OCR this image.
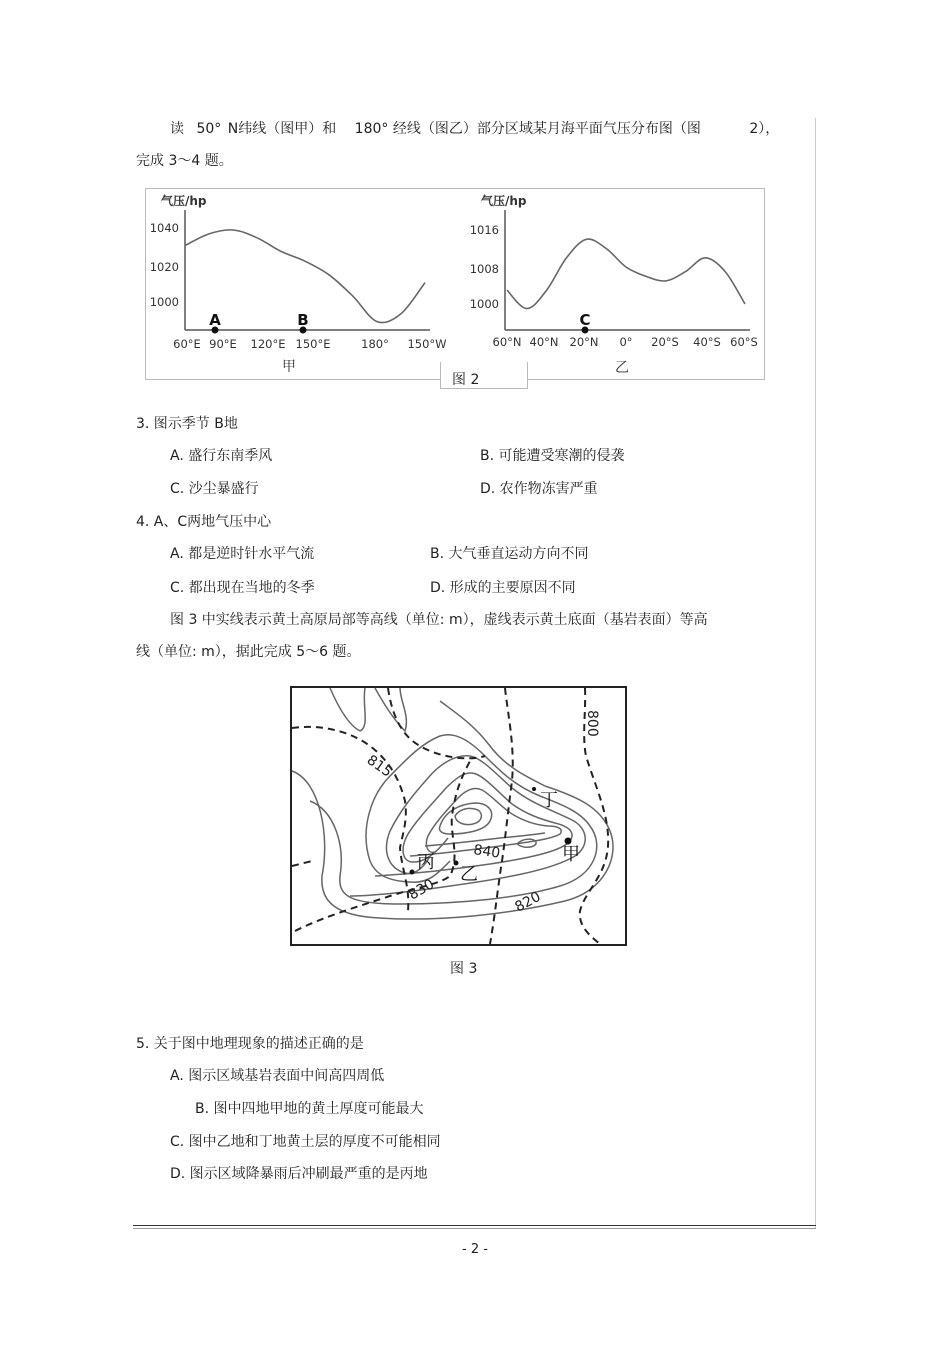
读 50° N纬线（图甲）和 180° 经线（图乙）部分区域某月海平面气压分布图（图	2），
完成 3～4 题。
气压/hp
1040
1020
1000
60°E 90°E 120°E 150°E	180° 150°W
A	B
甲
气压/hp
1016
1008
1000
60°N 40°N 20°N 0° 20°S 40°S 60°S
C
乙
图 2
3. 图示季节 B地
A. 盛行东南季风	B. 可能遭受寒潮的侵袭
C. 沙尘暴盛行	D. 农作物冻害严重
4. A、C两地气压中心
A. 都是逆时针水平气流	B. 大气垂直运动方向不同
C. 都出现在当地的冬季	D. 形成的主要原因不同
图 3 中实线表示黄土高原局部等高线（单位: m），虚线表示黄土底面（基岩表面）等高
线（单位: m），据此完成 5～6 题。
815
800
840
830	820
丁
甲
丙
乙
图 3
5. 关于图中地理现象的描述正确的是
A. 图示区域基岩表面中间高四周低
B. 图中四地甲地的黄土厚度可能最大
C. 图中乙地和丁地黄土层的厚度不可能相同
D. 图示区域降暴雨后冲刷最严重的是丙地
- 2 -
